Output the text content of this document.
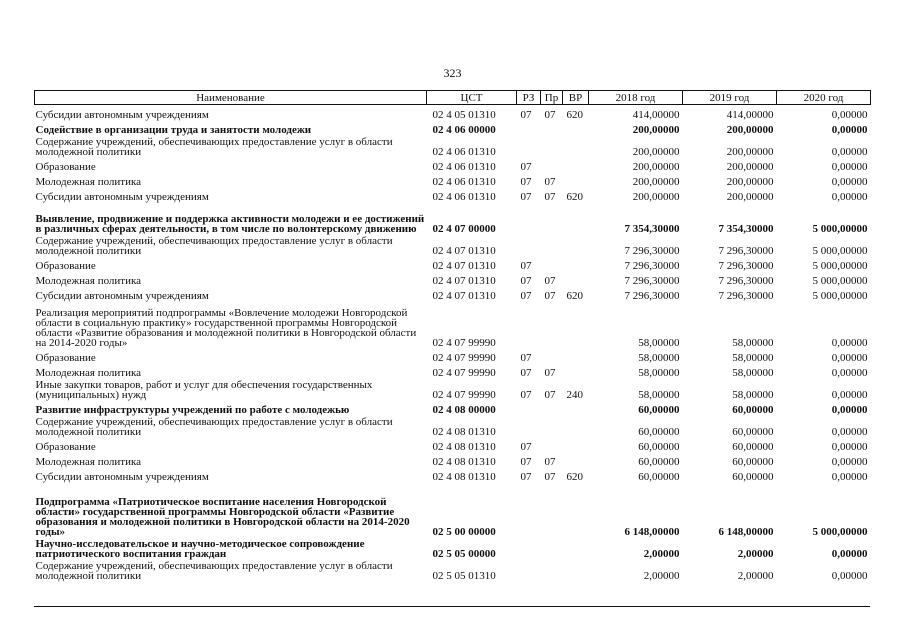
323
Наименование	ЦСТ	РЗ	Пр	ВР	2018 год	2019 год	2020 год
Субсидии автономным учреждениям	02 4 05 01310	07	07	620	414,00000	414,00000	0,00000
Содействие в организации труда и занятости молодежи	02 4 06 00000				200,00000	200,00000	0,00000
Содержание учреждений, обеспечивающих предоставление услуг в области молодежной политики	02 4 06 01310				200,00000	200,00000	0,00000
Образование	02 4 06 01310	07			200,00000	200,00000	0,00000
Молодежная политика	02 4 06 01310	07	07		200,00000	200,00000	0,00000
Субсидии автономным учреждениям	02 4 06 01310	07	07	620	200,00000	200,00000	0,00000
Выявление, продвижение и поддержка активности молодежи и ее достижений в различных сферах деятельности, в том числе по волонтерскому движению	02 4 07 00000				7 354,30000	7 354,30000	5 000,00000
Содержание учреждений, обеспечивающих предоставление услуг в области молодежной политики	02 4 07 01310				7 296,30000	7 296,30000	5 000,00000
Образование	02 4 07 01310	07			7 296,30000	7 296,30000	5 000,00000
Молодежная политика	02 4 07 01310	07	07		7 296,30000	7 296,30000	5 000,00000
Субсидии автономным учреждениям	02 4 07 01310	07	07	620	7 296,30000	7 296,30000	5 000,00000
Реализация мероприятий подпрограммы «Вовлечение молодежи Новгородской области в социальную практику» государственной программы Новгородской области «Развитие образования и молодежной политики в Новгородской области на 2014-2020 годы»	02 4 07 99990				58,00000	58,00000	0,00000
Образование	02 4 07 99990	07			58,00000	58,00000	0,00000
Молодежная политика	02 4 07 99990	07	07		58,00000	58,00000	0,00000
Иные закупки товаров, работ и услуг для обеспечения государственных (муниципальных) нужд	02 4 07 99990	07	07	240	58,00000	58,00000	0,00000
Развитие инфраструктуры учреждений по работе с молодежью	02 4 08 00000				60,00000	60,00000	0,00000
Содержание учреждений, обеспечивающих предоставление услуг в области молодежной политики	02 4 08 01310				60,00000	60,00000	0,00000
Образование	02 4 08 01310	07			60,00000	60,00000	0,00000
Молодежная политика	02 4 08 01310	07	07		60,00000	60,00000	0,00000
Субсидии автономным учреждениям	02 4 08 01310	07	07	620	60,00000	60,00000	0,00000
Подпрограмма «Патриотическое воспитание населения Новгородской области» государственной программы Новгородской области «Развитие образования и молодежной политики в Новгородской области на 2014-2020 годы»	02 5 00 00000				6 148,00000	6 148,00000	5 000,00000
Научно-исследовательское и научно-методическое сопровождение патриотического воспитания граждан	02 5 05 00000				2,00000	2,00000	0,00000
Содержание учреждений, обеспечивающих предоставление услуг в области молодежной политики	02 5 05 01310				2,00000	2,00000	0,00000
